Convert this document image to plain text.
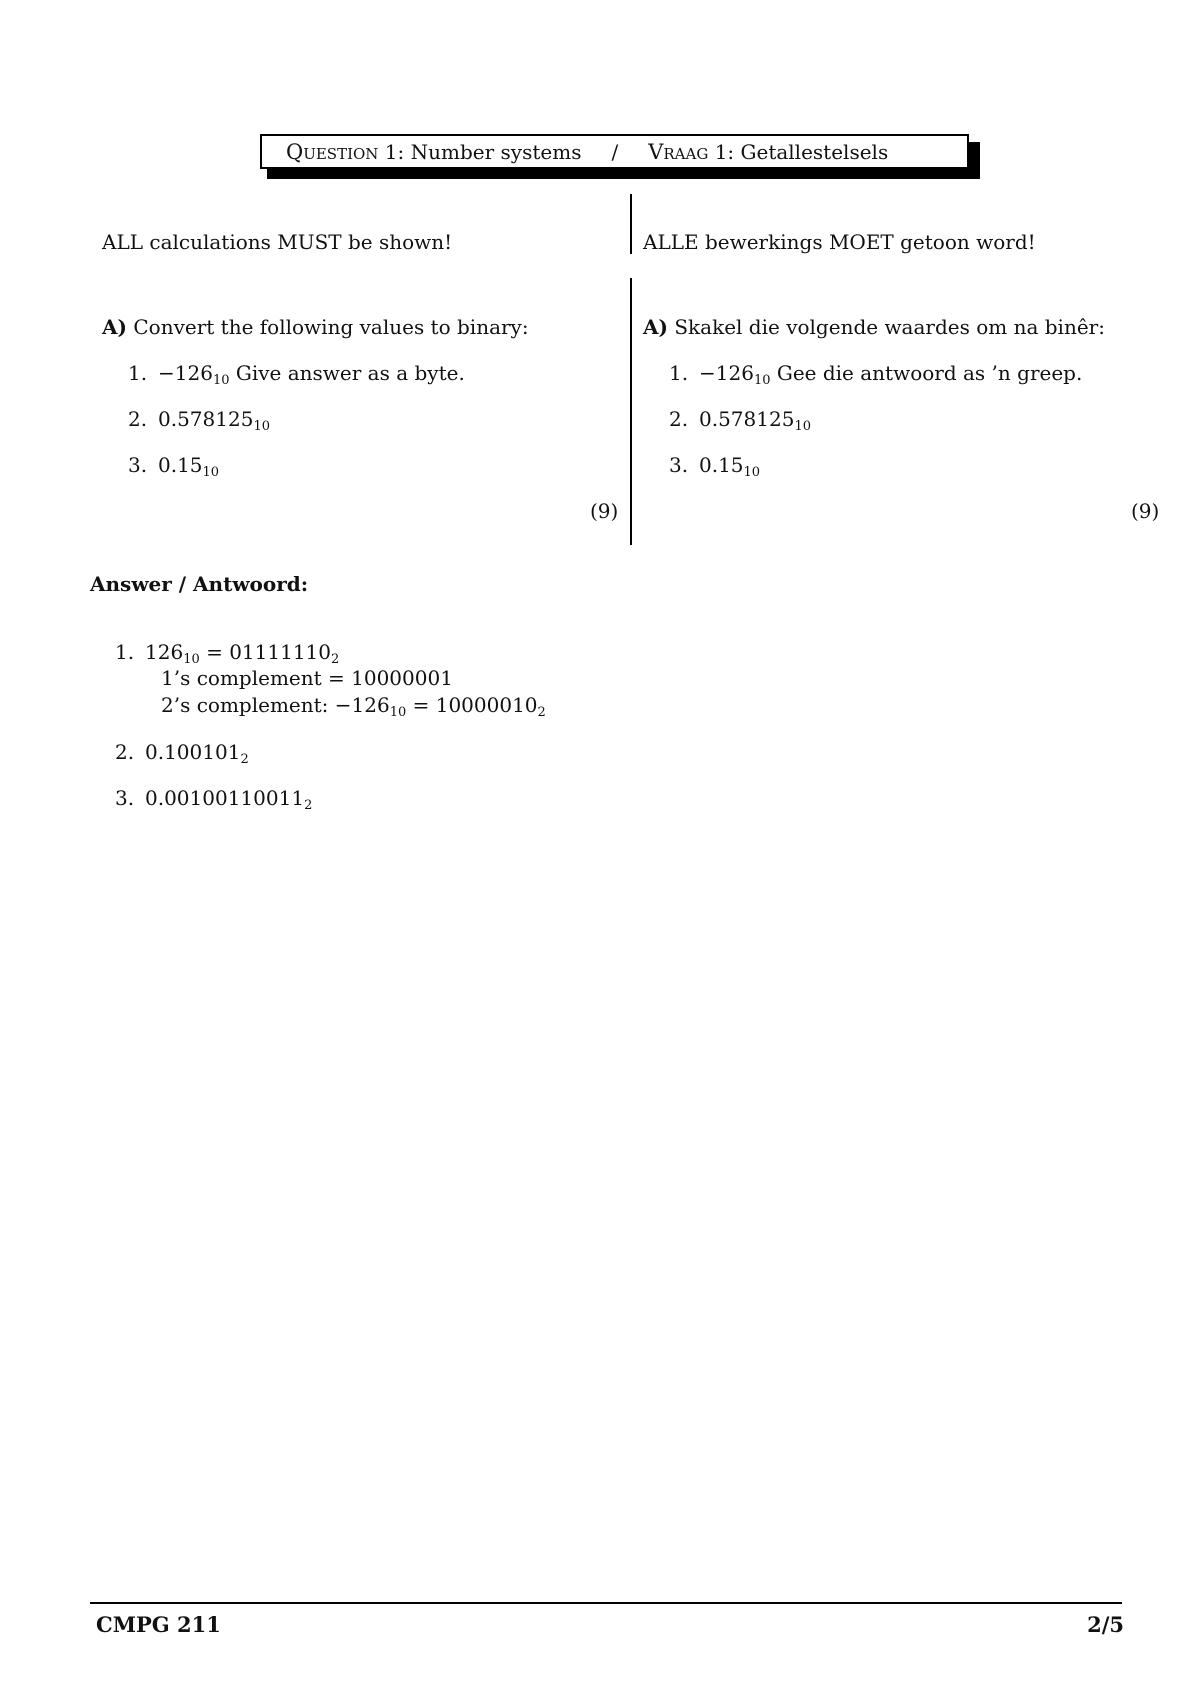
Question
1:
Number systems / Vraag
1:
Getallestelsels
ALL calculations MUST be shown!	ALLE bewerkings MOET getoon word!
A) Convert the following values to binary:
1. $-126_{10}$ Give answer as a byte.
2. $0.578125_{10}$
3. $0.15_{10}$
(9)
A) Skakel die volgende waardes om na binêr:
1. $-126_{10}$ Gee die antwoord as ’n greep.
2. $0.578125_{10}$
3. $0.15_{10}$
(9)
Answer / Antwoord:
1. $126_{10} = 01111110_2$
1’s complement = 10000001
2’s complement: $-126_{10} = 10000010_2$
2. $0.100101_2$
3. $0.00100110011_2$
CMPG 211	2/5
